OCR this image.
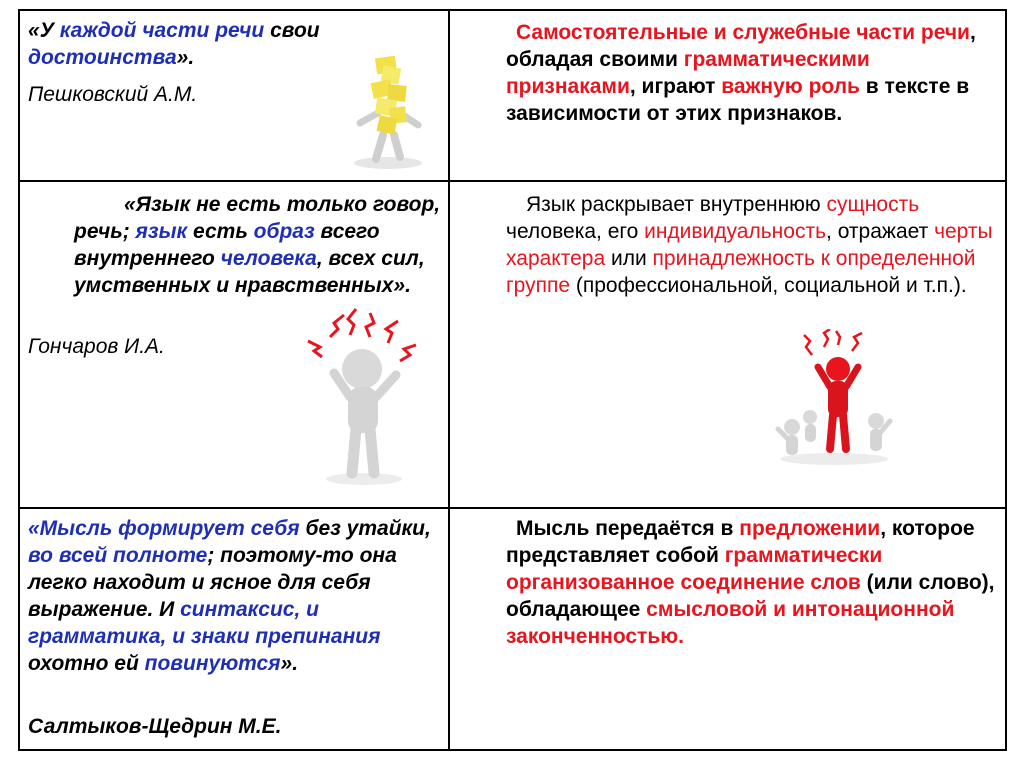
«У каждой части речи свои
достоинства».
Пешковский А.М.
Самостоятельные и служебные части речи, обладая своими грамматическими признаками, играют важную роль в тексте в зависимости от этих признаков.
«Язык не есть только говор, речь; язык есть образ всего внутреннего человека, всех сил, умственных и нравственных».
Гончаров И.А.
Язык раскрывает внутреннюю сущность человека, его индивидуальность, отражает черты характера или принадлежность к определенной группе (профессиональной, социальной и т.п.).
«Мысль формирует себя без утайки, во всей полноте; поэтому-то она легко находит и ясное для себя выражение. И синтаксис, и грамматика, и знаки препинания охотно ей повинуются».
Салтыков-Щедрин М.Е.
Мысль передаётся в предложении, которое представляет собой грамматически организованное соединение слов (или слово), обладающее смысловой и интонационной законченностью.
